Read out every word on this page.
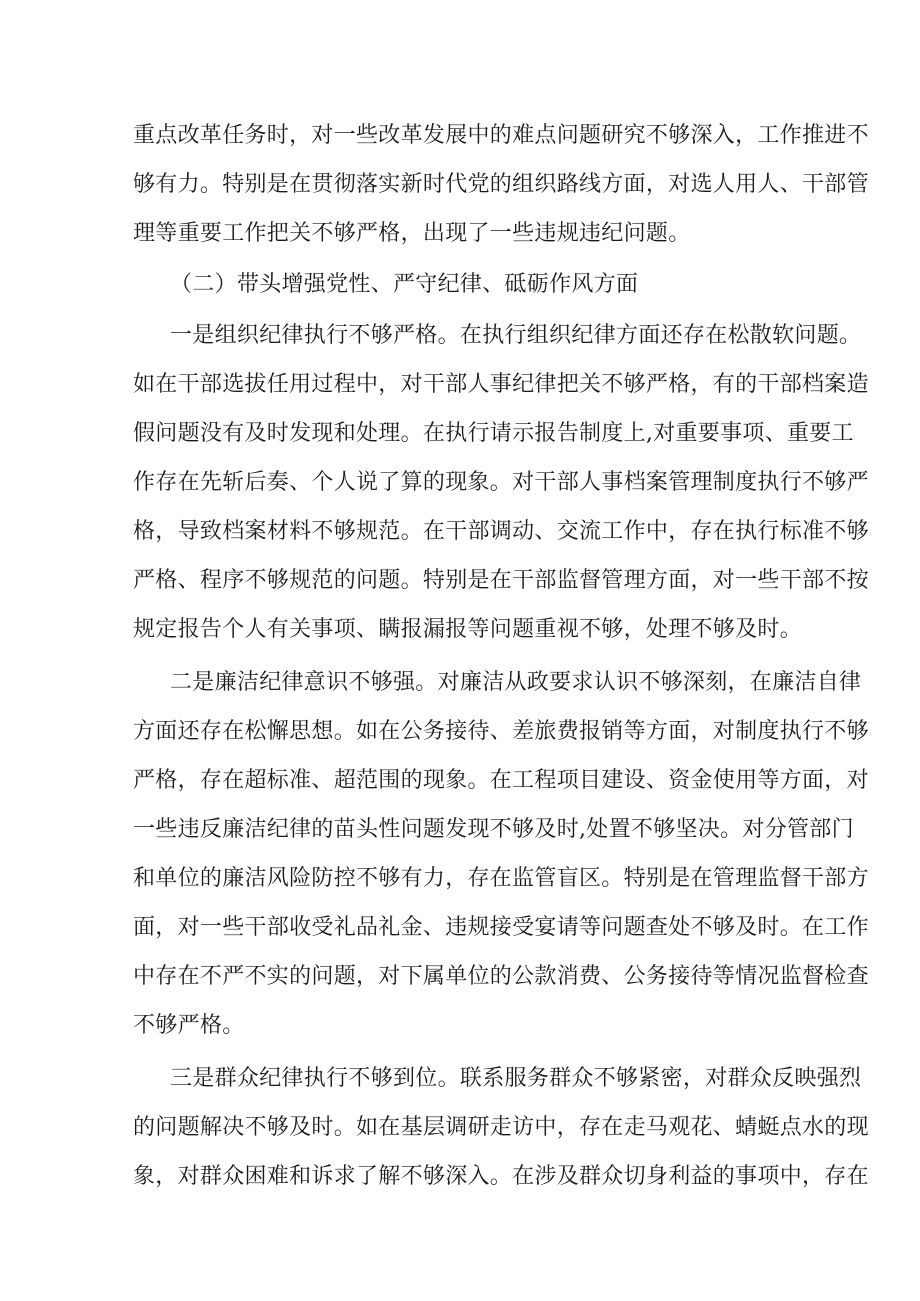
重点改革任务时，对一些改革发展中的难点问题研究不够深入，工作推进不
够有力。特别是在贯彻落实新时代党的组织路线方面，对选人用人、干部管
理等重要工作把关不够严格，出现了一些违规违纪问题。
（二）带头增强党性、严守纪律、砥砺作风方面
一是组织纪律执行不够严格。在执行组织纪律方面还存在松散软问题。
如在干部选拔任用过程中，对干部人事纪律把关不够严格，有的干部档案造
假问题没有及时发现和处理。在执行请示报告制度上,对重要事项、重要工
作存在先斩后奏、个人说了算的现象。对干部人事档案管理制度执行不够严
格，导致档案材料不够规范。在干部调动、交流工作中，存在执行标准不够
严格、程序不够规范的问题。特别是在干部监督管理方面，对一些干部不按
规定报告个人有关事项、瞒报漏报等问题重视不够，处理不够及时。
二是廉洁纪律意识不够强。对廉洁从政要求认识不够深刻，在廉洁自律
方面还存在松懈思想。如在公务接待、差旅费报销等方面，对制度执行不够
严格，存在超标准、超范围的现象。在工程项目建设、资金使用等方面，对
一些违反廉洁纪律的苗头性问题发现不够及时,处置不够坚决。对分管部门
和单位的廉洁风险防控不够有力，存在监管盲区。特别是在管理监督干部方
面，对一些干部收受礼品礼金、违规接受宴请等问题查处不够及时。在工作
中存在不严不实的问题，对下属单位的公款消费、公务接待等情况监督检查
不够严格。
三是群众纪律执行不够到位。联系服务群众不够紧密，对群众反映强烈
的问题解决不够及时。如在基层调研走访中，存在走马观花、蜻蜓点水的现
象，对群众困难和诉求了解不够深入。在涉及群众切身利益的事项中，存在
